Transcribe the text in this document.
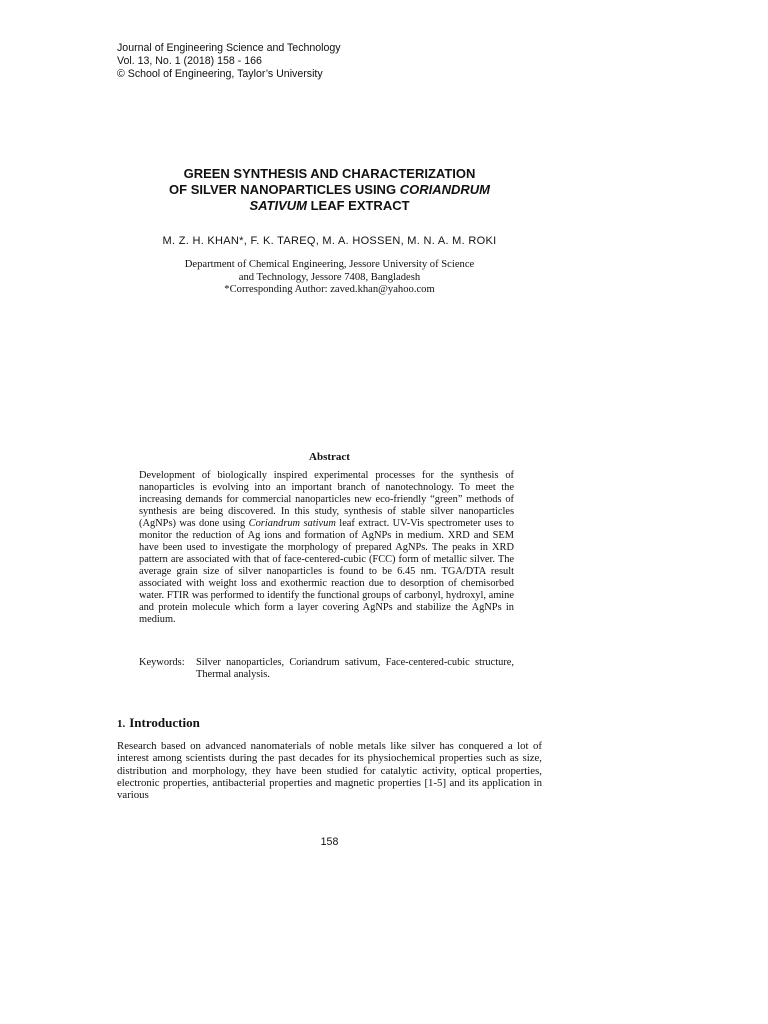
Journal of Engineering Science and Technology
Vol. 13, No. 1 (2018) 158 - 166
© School of Engineering, Taylor’s University
GREEN SYNTHESIS AND CHARACTERIZATION
OF SILVER NANOPARTICLES USING CORIANDRUM
SATIVUM LEAF EXTRACT
M. Z. H. KHAN*, F. K. TAREQ, M. A. HOSSEN, M. N. A. M. ROKI
Department of Chemical Engineering, Jessore University of Science
and Technology, Jessore 7408, Bangladesh
*Corresponding Author: zaved.khan@yahoo.com
Abstract

Development of biologically inspired experimental processes for the synthesis of nanoparticles is evolving into an important branch of nanotechnology. To meet the increasing demands for commercial nanoparticles new eco-friendly “green” methods of synthesis are being discovered. In this study, synthesis of stable silver nanoparticles (AgNPs) was done using Coriandrum sativum leaf extract. UV-Vis spectrometer uses to monitor the reduction of Ag ions and formation of AgNPs in medium. XRD and SEM have been used to investigate the morphology of prepared AgNPs. The peaks in XRD pattern are associated with that of face-centered-cubic (FCC) form of metallic silver. The average grain size of silver nanoparticles is found to be 6.45 nm. TGA/DTA result associated with weight loss and exothermic reaction due to desorption of chemisorbed water. FTIR was performed to identify the functional groups of carbonyl, hydroxyl, amine and protein molecule which form a layer covering AgNPs and stabilize the AgNPs in medium.

Keywords:	Silver nanoparticles, Coriandrum sativum, Face-centered-cubic structure, Thermal analysis.
1. Introduction

Research based on advanced nanomaterials of noble metals like silver has conquered a lot of interest among scientists during the past decades for its physiochemical properties such as size, distribution and morphology, they have been studied for catalytic activity, optical properties, electronic properties, antibacterial properties and magnetic properties [1-5] and its application in various

158
